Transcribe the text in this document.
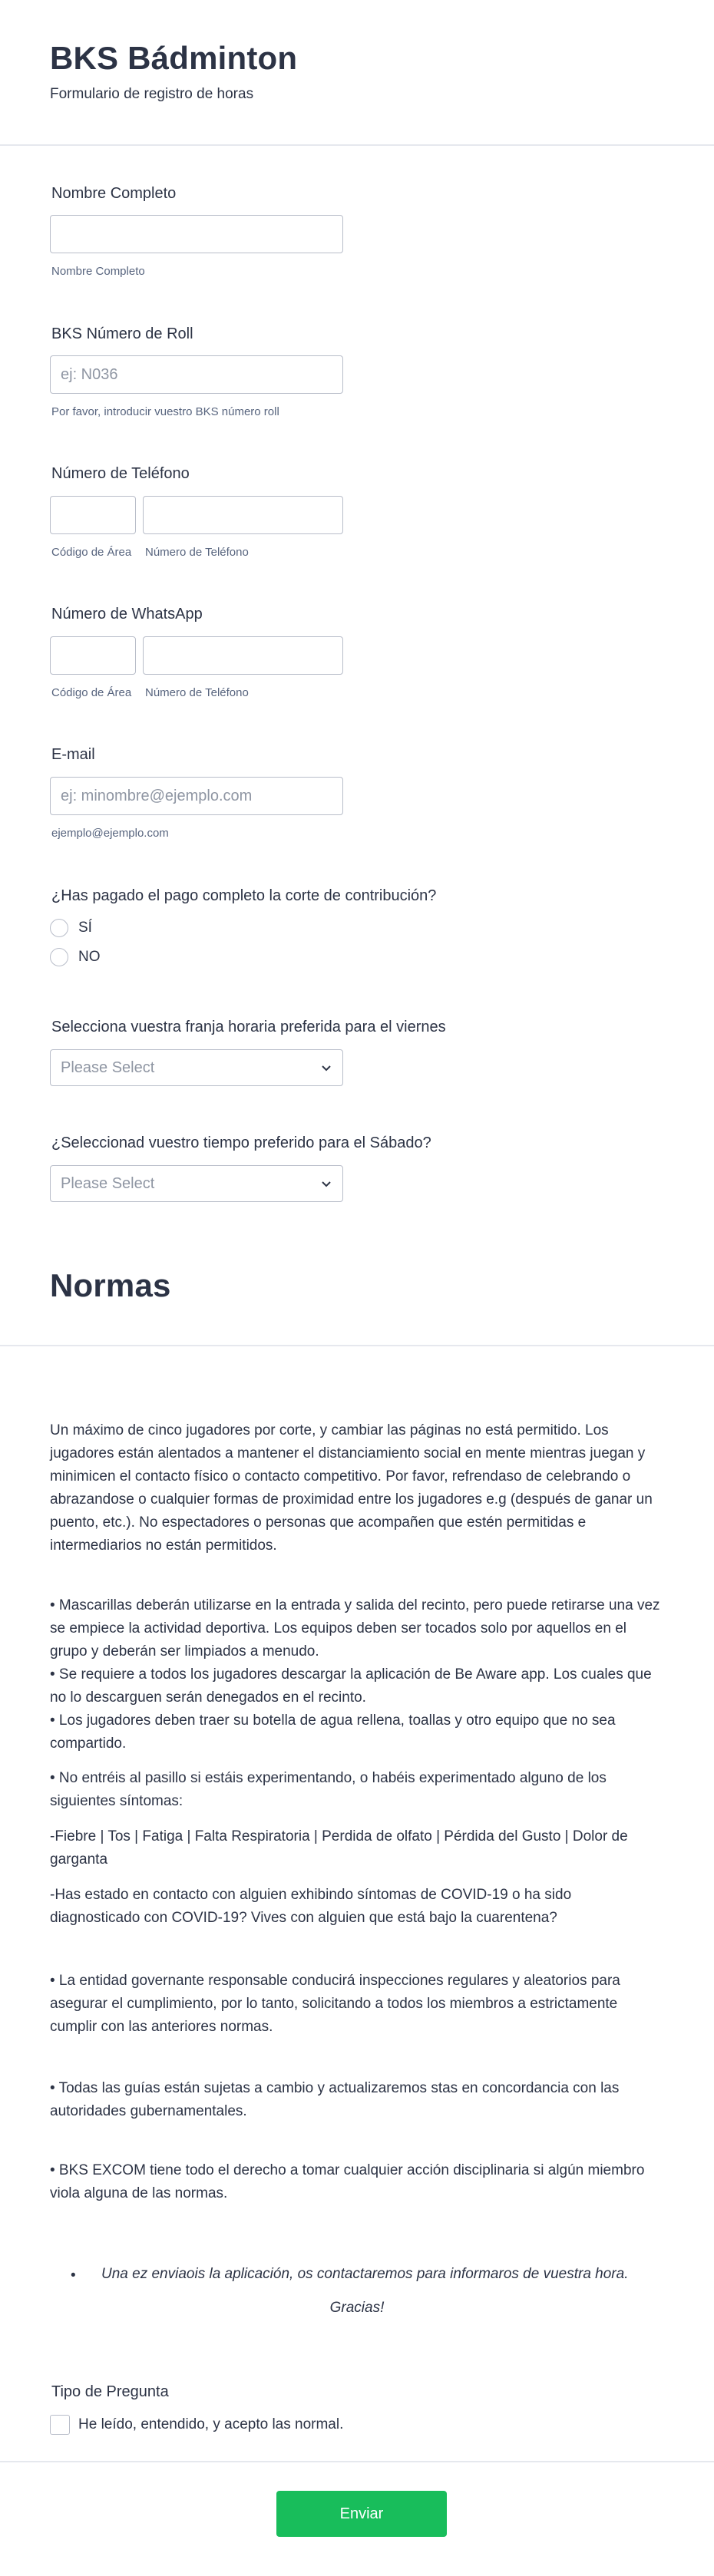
BKS Bádminton
Formulario de registro de horas
Nombre Completo
Nombre Completo
BKS Número de Roll
ej: N036
Por favor, introducir vuestro BKS número roll
Número de Teléfono
Código de Área Número de Teléfono
Número de WhatsApp
Código de Área Número de Teléfono
E-mail
ej: minombre@ejemplo.com
ejemplo@ejemplo.com
¿Has pagado el pago completo la corte de contribución?
SÍ
NO
Selecciona vuestra franja horaria preferida para el viernes
Please Select
¿Seleccionad vuestro tiempo preferido para el Sábado?
Please Select
Normas
Un máximo de cinco jugadores por corte, y cambiar las páginas no está permitido. Los jugadores están alentados a mantener el distanciamiento social en mente mientras juegan y minimicen el contacto físico o contacto competitivo. Por favor, refrendaso de celebrando o abrazandose o cualquier formas de proximidad entre los jugadores e.g (después de ganar un puento, etc.). No espectadores o personas que acompañen que estén permitidas e intermediarios no están permitidos.
• Mascarillas deberán utilizarse en la entrada y salida del recinto, pero puede retirarse una vez se empiece la actividad deportiva. Los equipos deben ser tocados solo por aquellos en el grupo y deberán ser limpiados a menudo.
• Se requiere a todos los jugadores descargar la aplicación de Be Aware app. Los cuales que no lo descarguen serán denegados en el recinto.
• Los jugadores deben traer su botella de agua rellena, toallas y otro equipo que no sea compartido.
• No entréis al pasillo si estáis experimentando, o habéis experimentado alguno de los siguientes síntomas:
-Fiebre | Tos | Fatiga | Falta Respiratoria | Perdida de olfato | Pérdida del Gusto | Dolor de garganta
-Has estado en contacto con alguien exhibindo síntomas de COVID-19 o ha sido diagnosticado con COVID-19? Vives con alguien que está bajo la cuarentena?
• La entidad governante responsable conducirá inspecciones regulares y aleatorios para asegurar el cumplimiento, por lo tanto, solicitando a todos los miembros a estrictamente cumplir con las anteriores normas.
• Todas las guías están sujetas a cambio y actualizaremos stas en concordancia con las autoridades gubernamentales.
• BKS EXCOM tiene todo el derecho a tomar cualquier acción disciplinaria si algún miembro viola alguna de las normas.
• Una ez enviaois la aplicación, os contactaremos para informaros de vuestra hora.
Gracias!
Tipo de Pregunta
He leído, entendido, y acepto las normal.
Enviar
